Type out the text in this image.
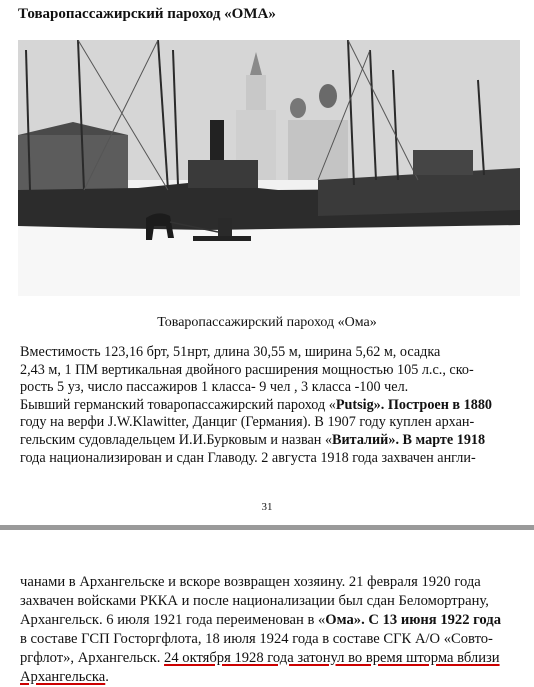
Товаропассажирский пароход «ОМА»
Товаропассажирский пароход «Ома»
Вместимость 123,16 брт, 51нрт, длина 30,55 м, ширина 5,62 м, осадка
2,43 м, 1 ПМ вертикальная двойного расширения мощностью 105 л.с., ско-
рость 5 уз, число пассажиров 1 класса- 9 чел , 3 класса -100 чел.
Бывший германский товаропассажирский пароход «Putsig». Построен в 1880
году на верфи J.W.Klawitter, Данциг (Германия). В 1907 году куплен архан-
гельским судовладельцем И.И.Бурковым и назван «Виталий». В марте 1918
года национализирован и сдан Главоду. 2 августа 1918 года захвачен англи-
31
чанами в Архангельске и вскоре возвращен хозяину. 21 февраля 1920 года
захвачен войсками РККА и после национализации был сдан Беломортрану,
Архангельск. 6 июля 1921 года переименован в «Ома». С 13 июня 1922 года
в составе ГСП Госторгфлота, 18 июля 1924 года в составе СГК А/О «Совто-
ргфлот», Архангельск. 24 октября 1928 года затонул во время шторма вблизи
Архангельска.
